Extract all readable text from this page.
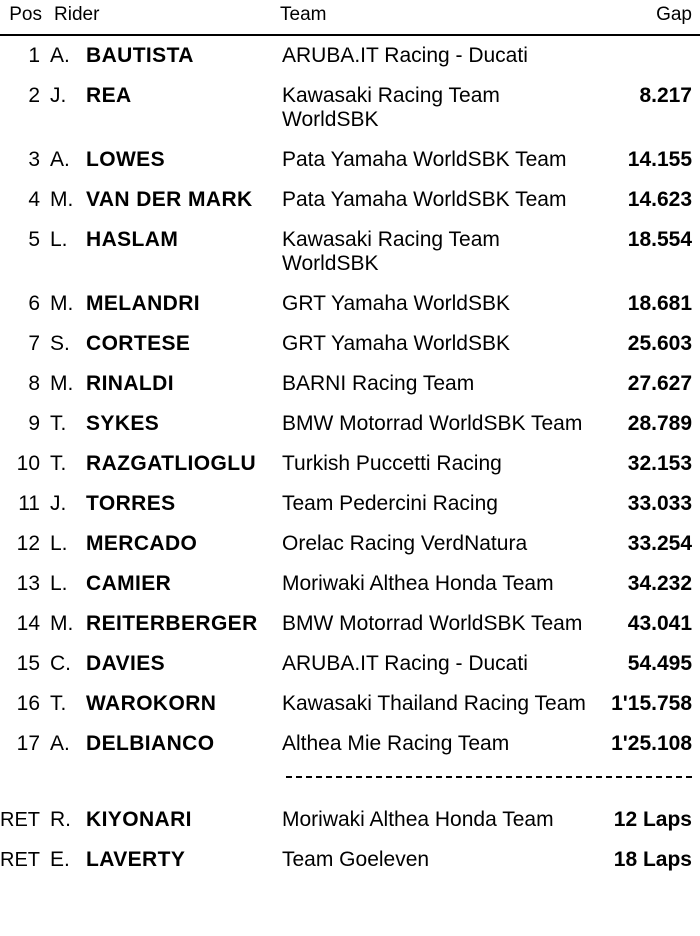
Pos	Rider		Team	Gap

1	A.	BAUTISTA	ARUBA.IT Racing - Ducati	
2	J.	REA	Kawasaki Racing Team WorldSBK	8.217
3	A.	LOWES	Pata Yamaha WorldSBK Team	14.155
4	M.	VAN DER MARK	Pata Yamaha WorldSBK Team	14.623
5	L.	HASLAM	Kawasaki Racing Team WorldSBK	18.554
6	M.	MELANDRI	GRT Yamaha WorldSBK	18.681
7	S.	CORTESE	GRT Yamaha WorldSBK	25.603
8	M.	RINALDI	BARNI Racing Team	27.627
9	T.	SYKES	BMW Motorrad WorldSBK Team	28.789
10	T.	RAZGATLIOGLU	Turkish Puccetti Racing	32.153
11	J.	TORRES	Team Pedercini Racing	33.033
12	L.	MERCADO	Orelac Racing VerdNatura	33.254
13	L.	CAMIER	Moriwaki Althea Honda Team	34.232
14	M.	REITERBERGER	BMW Motorrad WorldSBK Team	43.041
15	C.	DAVIES	ARUBA.IT Racing - Ducati	54.495
16	T.	WAROKORN	Kawasaki Thailand Racing Team	1'15.758
17	A.	DELBIANCO	Althea Mie Racing Team	1'25.108

RET	R.	KIYONARI	Moriwaki Althea Honda Team	12 Laps
RET	E.	LAVERTY	Team Goeleven	18 Laps
